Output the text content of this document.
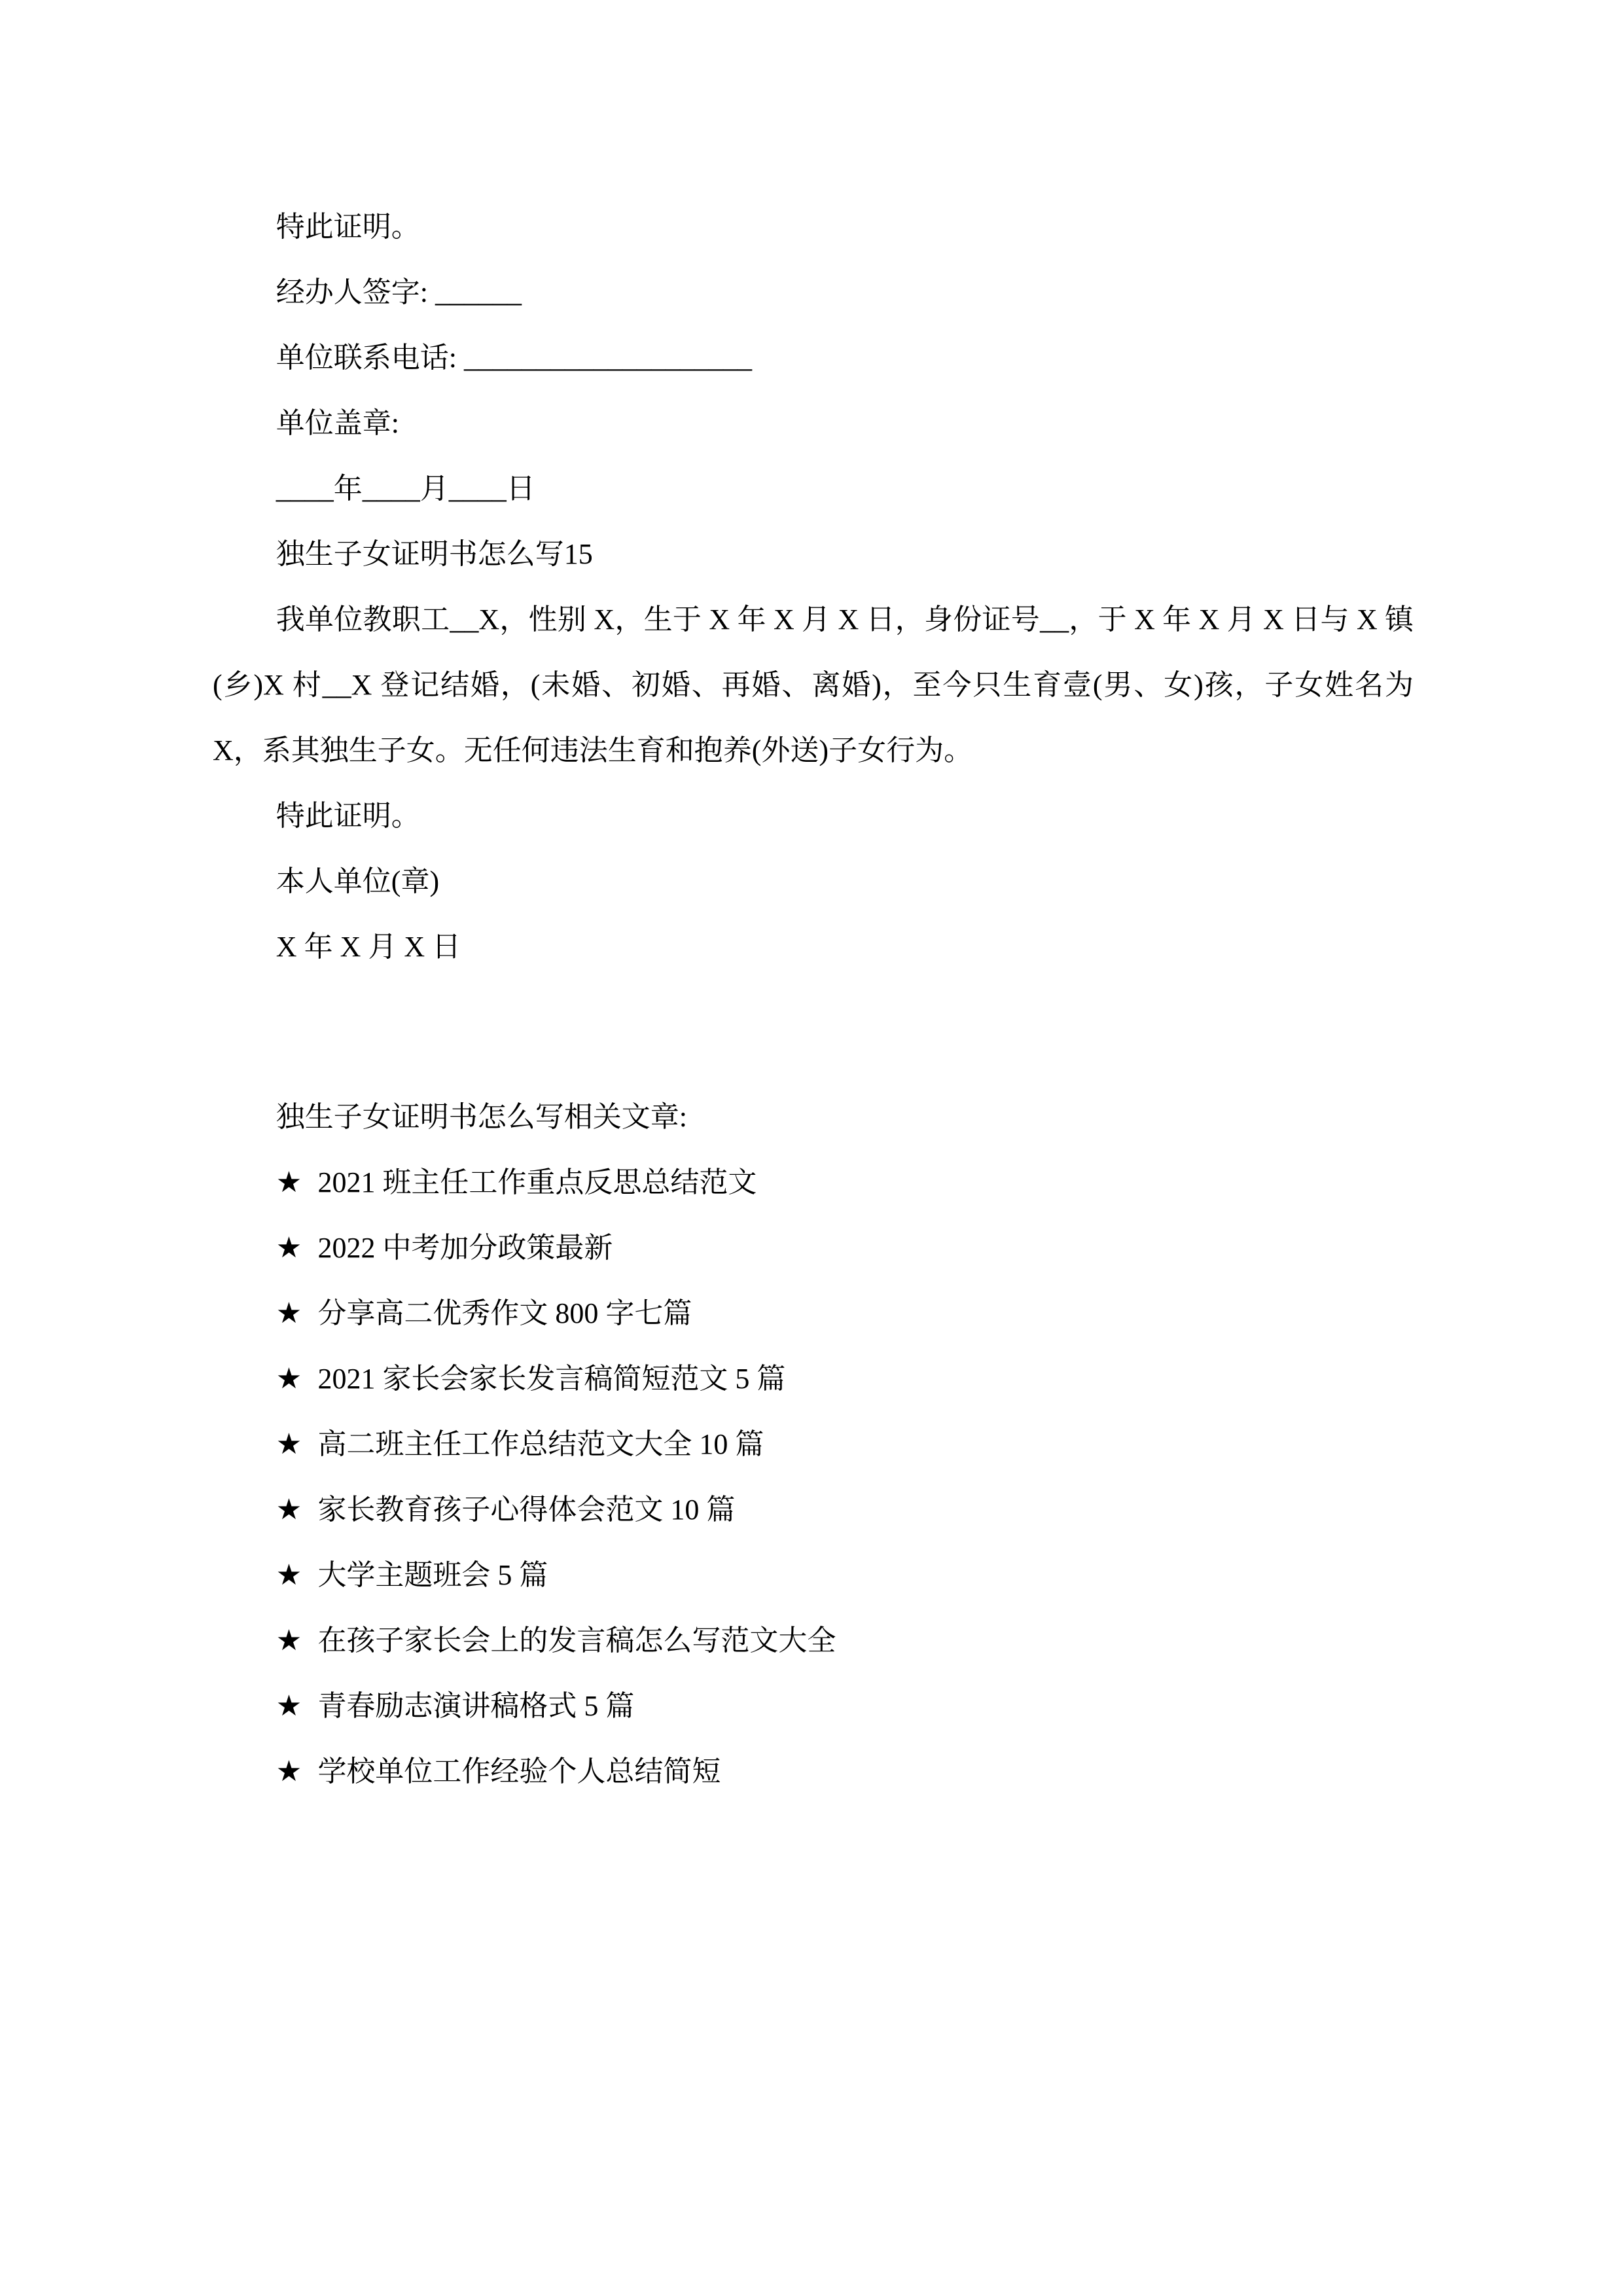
特此证明。

经办人签字: ______

单位联系电话: ____________________

单位盖章:

____年____月____日

独生子女证明书怎么写15

我单位教职工__X，性别 X，生于 X 年 X 月 X 日，身份证号__，于 X 年 X 月 X 日与 X 镇(乡)X 村__X 登记结婚，(未婚、初婚、再婚、离婚)，至今只生育壹(男、女)孩，子女姓名为 X，系其独生子女。无任何违法生育和抱养(外送)子女行为。

特此证明。

本人单位(章)

X 年 X 月 X 日

独生子女证明书怎么写相关文章:

★ 2021 班主任工作重点反思总结范文

★ 2022 中考加分政策最新

★ 分享高二优秀作文 800 字七篇

★ 2021 家长会家长发言稿简短范文 5 篇

★ 高二班主任工作总结范文大全 10 篇

★ 家长教育孩子心得体会范文 10 篇

★ 大学主题班会 5 篇

★ 在孩子家长会上的发言稿怎么写范文大全

★ 青春励志演讲稿格式 5 篇

★ 学校单位工作经验个人总结简短
